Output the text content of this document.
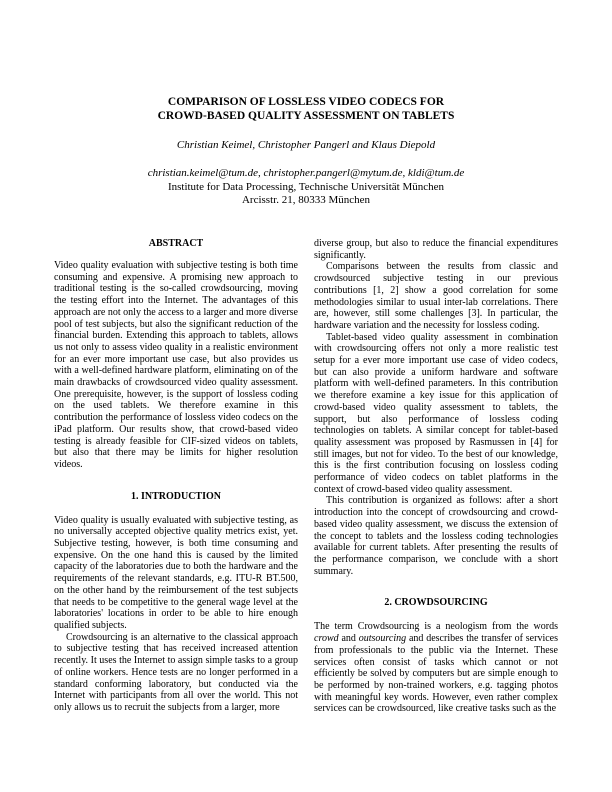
COMPARISON OF LOSSLESS VIDEO CODECS FOR
CROWD-BASED QUALITY ASSESSMENT ON TABLETS
Christian Keimel, Christopher Pangerl and Klaus Diepold
christian.keimel@tum.de, christopher.pangerl@mytum.de, kldi@tum.de
Institute for Data Processing, Technische Universität München
Arcisstr. 21, 80333 München
ABSTRACT

Video quality evaluation with subjective testing is both time consuming and expensive. A promising new approach to traditional testing is the so-called crowdsourcing, moving the testing effort into the Internet. The advantages of this approach are not only the access to a larger and more diverse pool of test subjects, but also the significant reduction of the financial burden. Extending this approach to tablets, allows us not only to assess video quality in a realistic environment for an ever more important use case, but also provides us with a well-defined hardware platform, eliminating on of the main drawbacks of crowdsourced video quality assessment. One prerequisite, however, is the support of lossless coding on the used tablets. We therefore examine in this contribution the performance of lossless video codecs on the iPad platform. Our results show, that crowd-based video testing is already feasible for CIF-sized videos on tablets, but also that there may be limits for higher resolution videos.

1. INTRODUCTION

Video quality is usually evaluated with subjective testing, as no universally accepted objective quality metrics exist, yet. Subjective testing, however, is both time consuming and expensive. On the one hand this is caused by the limited capacity of the laboratories due to both the hardware and the requirements of the relevant standards, e.g. ITU-R BT.500, on the other hand by the reimbursement of the test subjects that needs to be competitive to the general wage level at the laboratories' locations in order to be able to hire enough qualified subjects.

Crowdsourcing is an alternative to the classical approach to subjective testing that has received increased attention recently. It uses the Internet to assign simple tasks to a group of online workers. Hence tests are no longer performed in a standard conforming laboratory, but conducted via the Internet with participants from all over the world. This not only allows us to recruit the subjects from a larger, more

diverse group, but also to reduce the financial expenditures significantly.

Comparisons between the results from classic and crowdsourced subjective testing in our previous contributions [1, 2] show a good correlation for some methodologies similar to usual inter-lab correlations. There are, however, still some challenges [3]. In particular, the hardware variation and the necessity for lossless coding.

Tablet-based video quality assessment in combination with crowdsourcing offers not only a more realistic test setup for a ever more important use case of video codecs, but can also provide a uniform hardware and software platform with well-defined parameters. In this contribution we therefore examine a key issue for this application of crowd-based video quality assessment to tablets, the support, but also performance of lossless coding technologies on tablets. A similar concept for tablet-based quality assessment was proposed by Rasmussen in [4] for still images, but not for video. To the best of our knowledge, this is the first contribution focusing on lossless coding performance of video codecs on tablet platforms in the context of crowd-based video quality assessment.

This contribution is organized as follows: after a short introduction into the concept of crowdsourcing and crowd-based video quality assessment, we discuss the extension of the concept to tablets and the lossless coding technologies available for current tablets. After presenting the results of the performance comparison, we conclude with a short summary.

2. CROWDSOURCING

The term Crowdsourcing is a neologism from the words crowd and outsourcing and describes the transfer of services from professionals to the public via the Internet. These services often consist of tasks which cannot or not efficiently be solved by computers but are simple enough to be performed by non-trained workers, e.g. tagging photos with meaningful key words. However, even rather complex services can be crowdsourced, like creative tasks such as the
